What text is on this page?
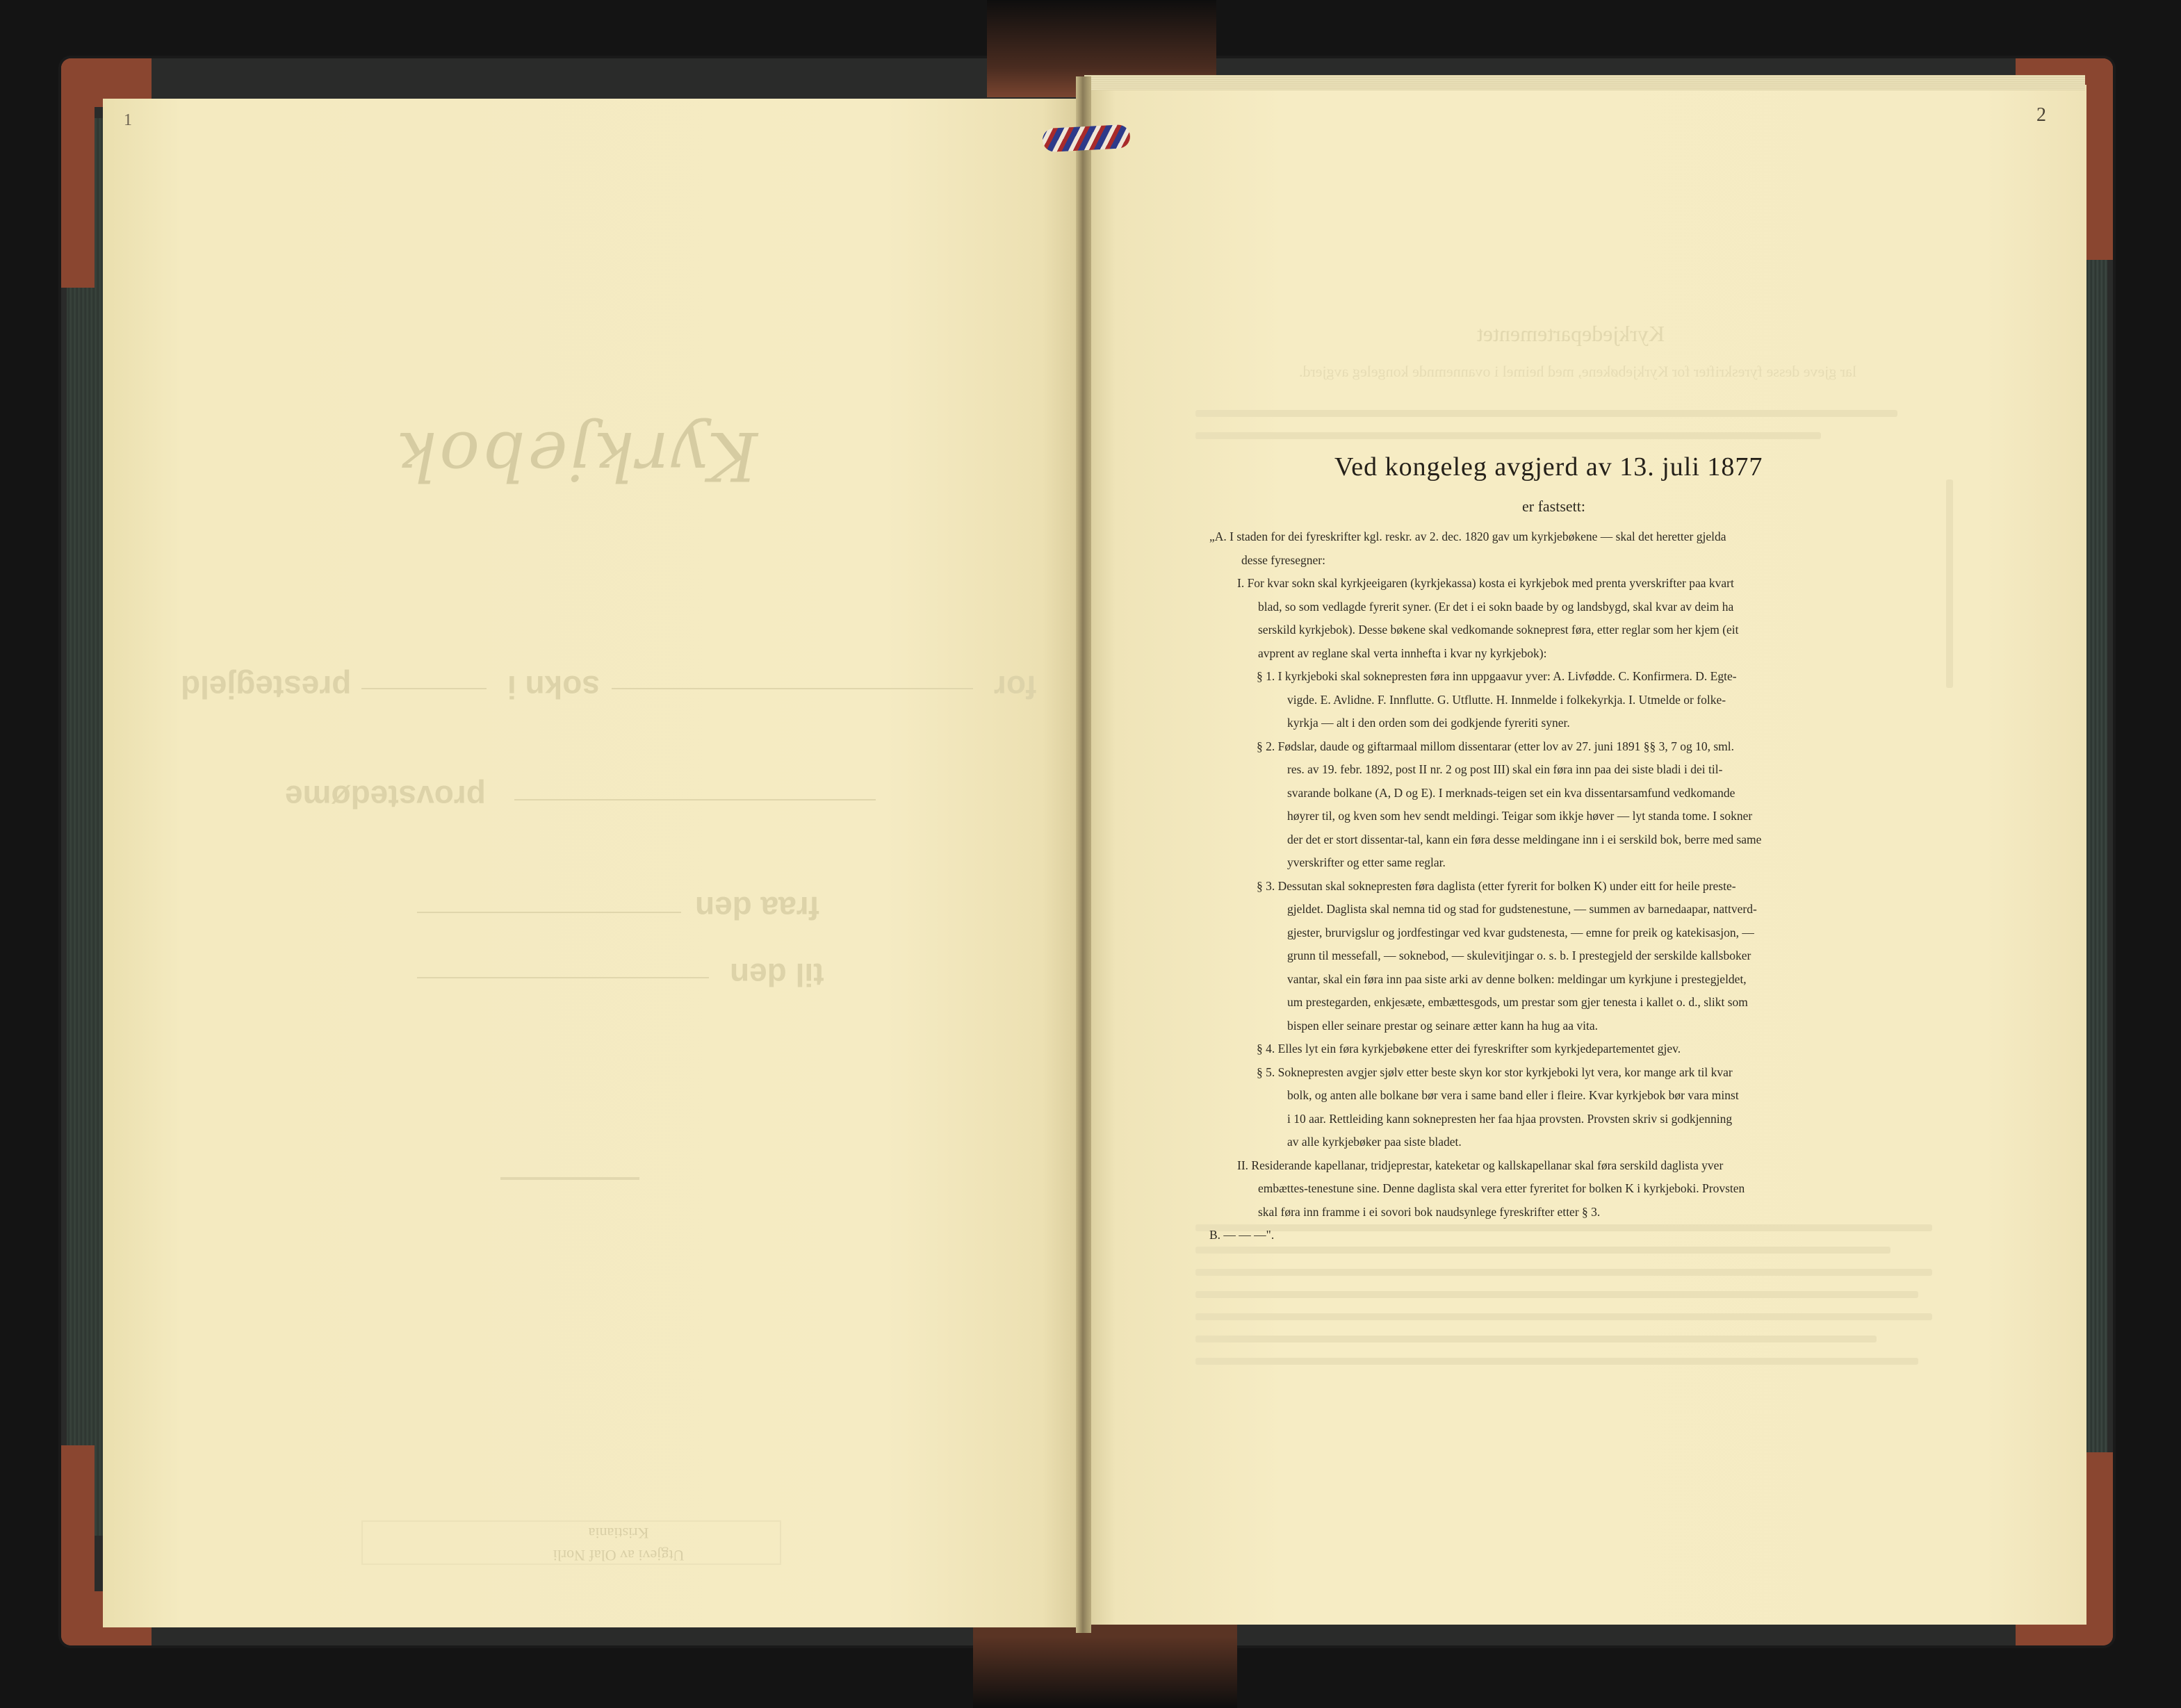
1
Kyrkjebok
for
sokn i
prestegjeld
provstedøme
fraa den
til den
Utgjevi av Olaf Norli
Kristiania
2
Kyrkjedepartementet
lar gjeve desse fyreskrifter for Kyrkjebøkene, med heimel i ovannemnde kongeleg avgjerd.
Ved kongeleg avgjerd av 13. juli 1877
er fastsett:
„A. I staden for dei fyreskrifter kgl. reskr. av 2. dec. 1820 gav um kyrkjebøkene — skal det heretter gjelda
desse fyresegner:
I. For kvar sokn skal kyrkjeeigaren (kyrkjekassa) kosta ei kyrkjebok med prenta yverskrifter paa kvart
blad, so som vedlagde fyrerit syner. (Er det i ei sokn baade by og landsbygd, skal kvar av deim ha
serskild kyrkjebok). Desse bøkene skal vedkomande sokneprest føra, etter reglar som her kjem (eit
avprent av reglane skal verta innhefta i kvar ny kyrkjebok):
§ 1. I kyrkjeboki skal soknepresten føra inn uppgaavur yver: A. Livfødde. C. Konfirmera. D. Egte-
vigde. E. Avlidne. F. Innflutte. G. Utflutte. H. Innmelde i folkekyrkja. I. Utmelde or folke-
kyrkja — alt i den orden som dei godkjende fyreriti syner.
§ 2. Fødslar, daude og giftarmaal millom dissentarar (etter lov av 27. juni 1891 §§ 3, 7 og 10, sml.
res. av 19. febr. 1892, post II nr. 2 og post III) skal ein føra inn paa dei siste bladi i dei til-
svarande bolkane (A, D og E). I merknads-teigen set ein kva dissentarsamfund vedkomande
høyrer til, og kven som hev sendt meldingi. Teigar som ikkje høver — lyt standa tome. I sokner
der det er stort dissentar-tal, kann ein føra desse meldingane inn i ei serskild bok, berre med same
yverskrifter og etter same reglar.
§ 3. Dessutan skal soknepresten føra daglista (etter fyrerit for bolken K) under eitt for heile preste-
gjeldet. Daglista skal nemna tid og stad for gudstenestune, — summen av barnedaapar, nattverd-
gjester, brurvigslur og jordfestingar ved kvar gudstenesta, — emne for preik og katekisasjon, —
grunn til messefall, — soknebod, — skulevitjingar o. s. b. I prestegjeld der serskilde kallsboker
vantar, skal ein føra inn paa siste arki av denne bolken: meldingar um kyrkjune i prestegjeldet,
um prestegarden, enkjesæte, embættesgods, um prestar som gjer tenesta i kallet o. d., slikt som
bispen eller seinare prestar og seinare ætter kann ha hug aa vita.
§ 4. Elles lyt ein føra kyrkjebøkene etter dei fyreskrifter som kyrkjedepartementet gjev.
§ 5. Soknepresten avgjer sjølv etter beste skyn kor stor kyrkjeboki lyt vera, kor mange ark til kvar
bolk, og anten alle bolkane bør vera i same band eller i fleire. Kvar kyrkjebok bør vara minst
i 10 aar. Rettleiding kann soknepresten her faa hjaa provsten. Provsten skriv si godkjenning
av alle kyrkjebøker paa siste bladet.
II. Residerande kapellanar, tridjeprestar, kateketar og kallskapellanar skal føra serskild daglista yver
embættes-tenestune sine. Denne daglista skal vera etter fyreritet for bolken K i kyrkjeboki. Provsten
skal føra inn framme i ei sovori bok naudsynlege fyreskrifter etter § 3.
B. — — —".
